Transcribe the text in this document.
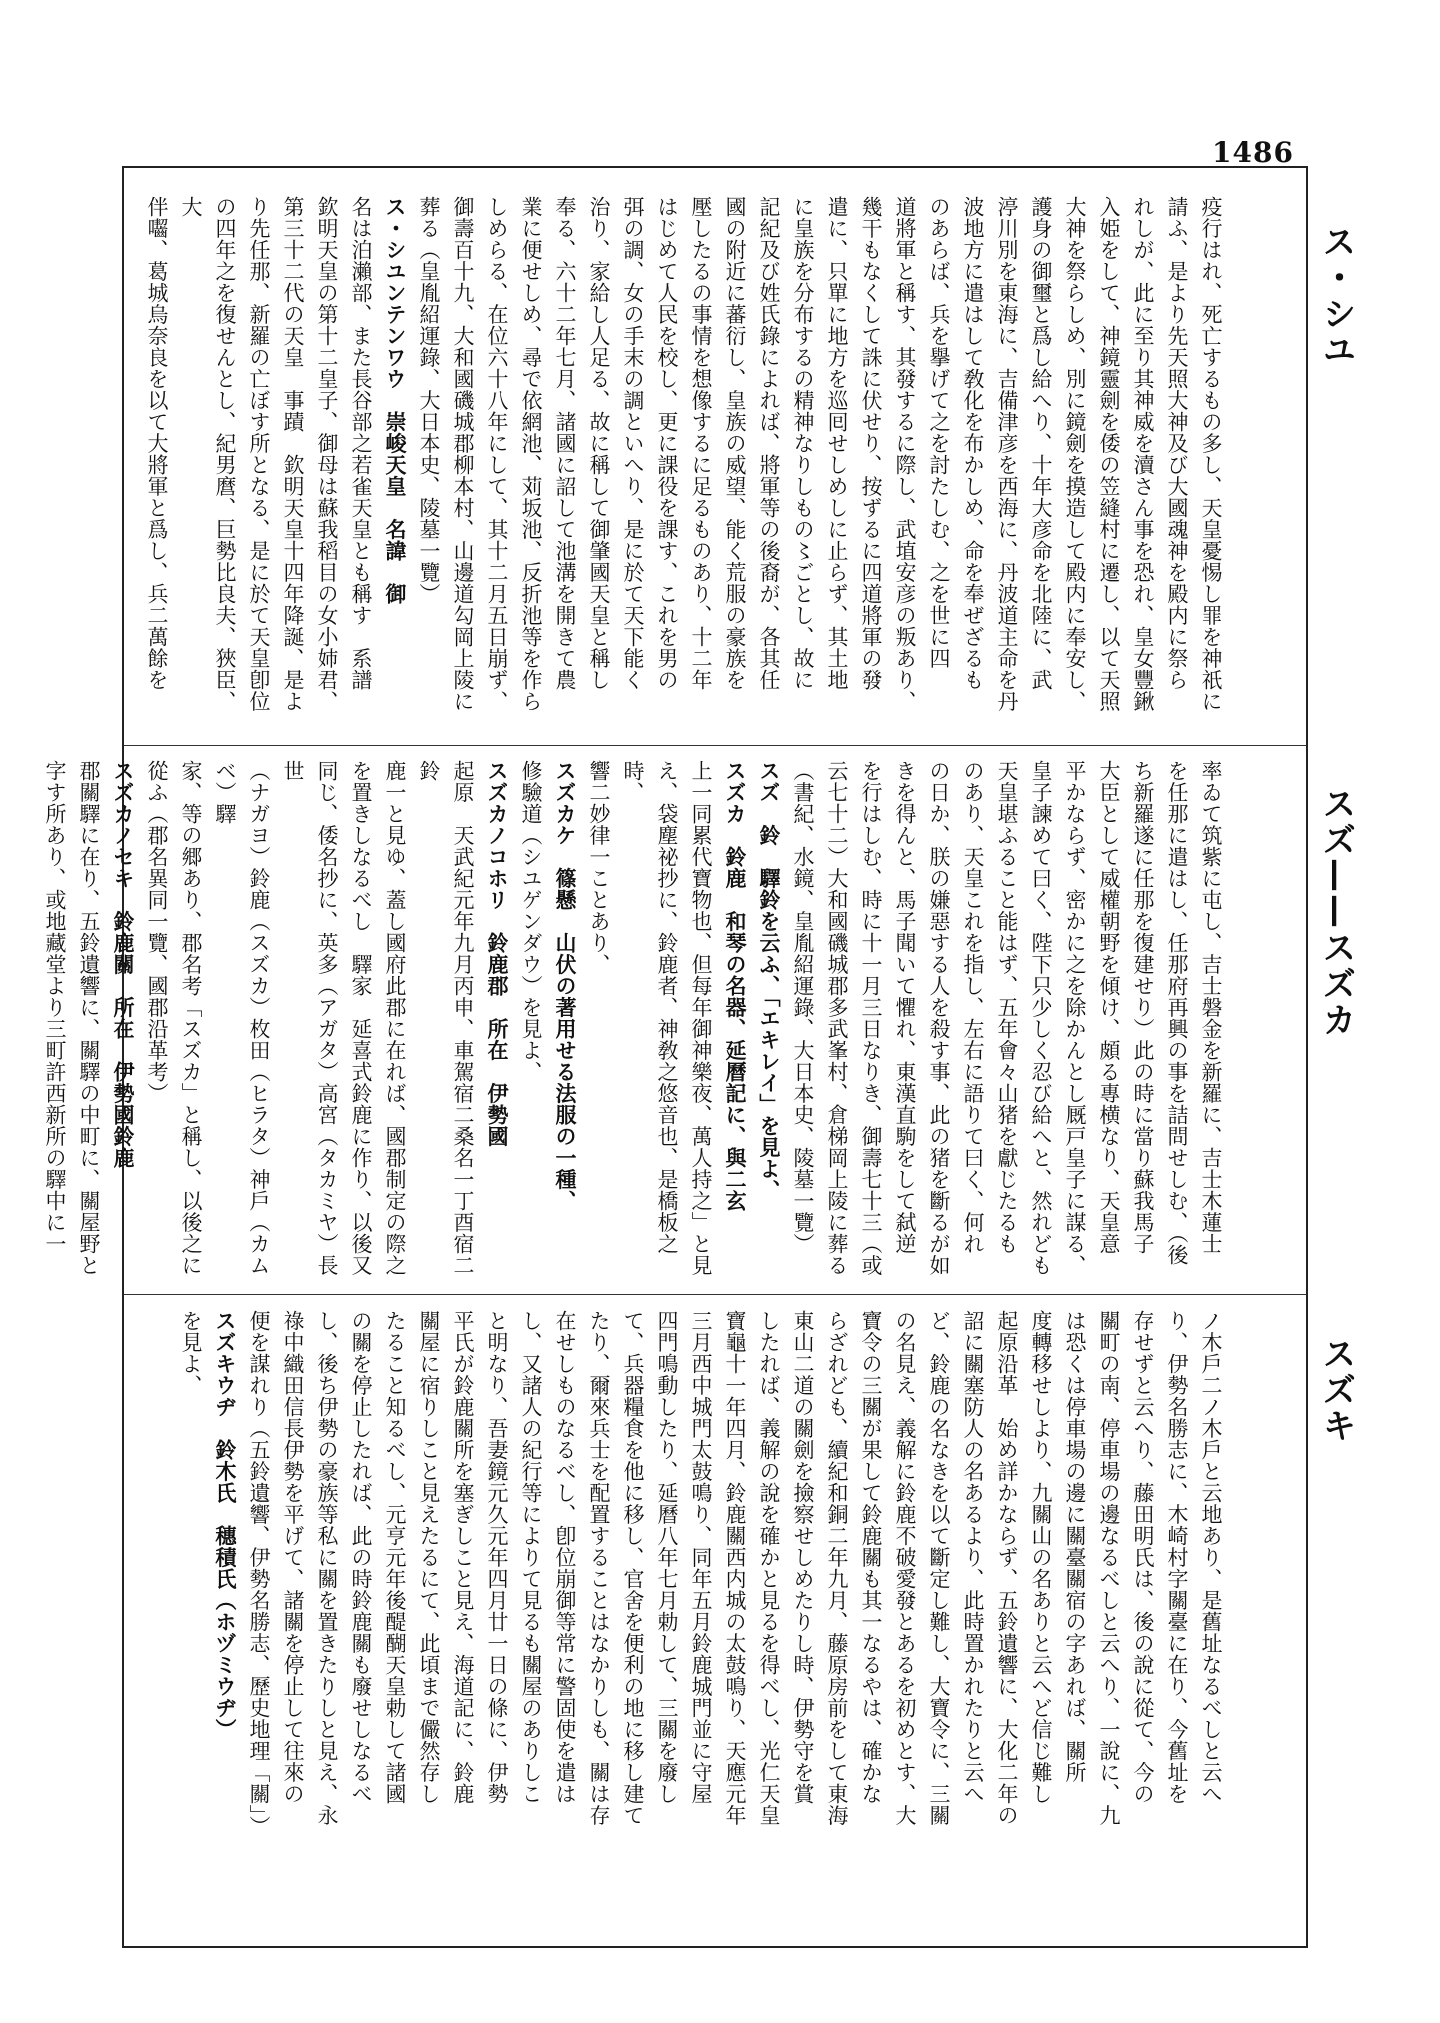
1486
疫行はれ、死亡するもの多し、天皇憂惕し罪を神祇に
請ふ、是より先天照大神及び大國魂神を殿内に祭ら
れしが、此に至り其神威を瀆さん事を恐れ、皇女豐鍬
入姫をして、神鏡靈劍を倭の笠縫村に遷し、以て天照
大神を祭らしめ、別に鏡劍を摸造して殿内に奉安し、
護身の御璽と爲し給へり、十年大彦命を北陸に、武
渟川別を東海に、吉備津彦を西海に、丹波道主命を丹
波地方に遣はして敎化を布かしめ、命を奉ぜざるも
のあらば、兵を擧げて之を討たしむ、之を世に四
道將軍と稱す、其發するに際し、武埴安彦の叛あり、
幾干もなくして誅に伏せり、按ずるに四道將軍の發
遣に、只單に地方を巡囘せしめしに止らず、其土地
に皇族を分布するの精神なりしもの〻ごとし、故に
記紀及び姓氏錄によれば、將軍等の後裔が、各其任
國の附近に蕃衍し、皇族の威望、能く荒服の豪族を
壓したるの事情を想像するに足るものあり、十二年
はじめて人民を校し、更に課役を課す、これを男の
弭の調、女の手末の調といへり、是に於て天下能く
治り、家給し人足る、故に稱して御肇國天皇と稱し
奉る、六十二年七月、諸國に詔して池溝を開きて農
業に便せしめ、尋で依網池、苅坂池、反折池等を作ら
しめらる、在位六十八年にして、其十二月五日崩ず、
御壽百十九、大和國磯城郡柳本村、山邊道勾岡上陵に
葬る（皇胤紹運錄、大日本史、陵墓一覽）
ス・シユンテンワウ　崇峻天皇　名諱　御
名は泊瀨部、また長谷部之若雀天皇とも稱す　系譜
欽明天皇の第十二皇子、御母は蘇我稻目の女小姉君、
第三十二代の天皇　事蹟　欽明天皇十四年降誕、是よ
り先任那、新羅の亡ぼす所となる、是に於て天皇卽位
の四年之を復せんとし、紀男麿、巨勢比良夫、狹臣、大
伴囓、葛城烏奈良を以て大將軍と爲し、兵二萬餘を
率ゐて筑紫に屯し、吉士磐金を新羅に、吉士木蓮士
を任那に遣はし、任那府再興の事を詰問せしむ、（後
ち新羅遂に任那を復建せり）此の時に當り蘇我馬子
大臣として威權朝野を傾け、頗る專横なり、天皇意
平かならず、密かに之を除かんとし厩戸皇子に謀る、
皇子諫めて曰く、陛下只少しく忍び給へと、然れども
天皇堪ふること能はず、五年會々山猪を獻じたるも
のあり、天皇これを指し、左右に語りて曰く、何れ
の日か、朕の嫌惡する人を殺す事、此の猪を斷るが如
きを得んと、馬子聞いて懼れ、東漢直駒をして弑逆
を行はしむ、時に十一月三日なりき、御壽七十三（或
云七十二）大和國磯城郡多武峯村、倉梯岡上陵に葬る
（書紀、水鏡、皇胤紹運錄、大日本史、陵墓一覽）
スズ　鈴　驛鈴を云ふ、「エキレイ」を見よ、
スズカ　鈴鹿　和琴の名器、延曆記に、與二玄
上一同累代寶物也、但每年御神樂夜、萬人持之」と見
え、袋塵祕抄に、鈴鹿者、神敎之悠音也、是橋板之時、
響二妙律一ことあり、
スズカケ　篠懸　山伏の著用せる法服の一種、
修驗道（シユゲンダウ）を見よ、
スズカノコホリ　鈴鹿郡　所在　伊勢國
起原　天武紀元年九月丙申、車駕宿二桑名一丁酉宿二鈴
鹿一と見ゆ、蓋し國府此郡に在れば、國郡制定の際之
を置きしなるべし　驛家　延喜式鈴鹿に作り、以後又
同じ、倭名抄に、英多（アガタ）高宮（タカミヤ）長世
（ナガヨ）鈴鹿（スズカ）枚田（ヒラタ）神戶（カムベ）驛
家、等の郷あり、郡名考「スズカ」と稱し、以後之に
從ふ（郡名異同一覽、國郡沿革考）
スズカノセキ　鈴鹿關　所在　伊勢國鈴鹿
郡關驛に在り、五鈴遺響に、關驛の中町に、關屋野と
字す所あり、或地藏堂より三町許西新所の驛中に一
ノ木戶二ノ木戶と云地あり、是舊址なるべしと云へ
り、伊勢名勝志に、木崎村字關臺に在り、今舊址を
存せずと云へり、藤田明氏は、後の說に從て、今の
關町の南、停車場の邊なるべしと云へり、一說に、九
は恐くは停車場の邊に關臺關宿の字あれば、關所
度轉移せしより、九關山の名ありと云へど信じ難し
起原沿革　始め詳かならず、五鈴遺響に、大化二年の
詔に關塞防人の名あるより、此時置かれたりと云へ
ど、鈴鹿の名なきを以て斷定し難し、大寶令に、三關
の名見え、義解に鈴鹿不破愛發とあるを初めとす、大
寶令の三關が果して鈴鹿關も其一なるやは、確かな
らざれども、續紀和銅二年九月、藤原房前をして東海
東山二道の關劍を撿察せしめたりし時、伊勢守を賞
したれば、義解の說を確かと見るを得べし、光仁天皇
寶龜十一年四月、鈴鹿關西内城の太鼓鳴り、天應元年
三月西中城門太鼓鳴り、同年五月鈴鹿城門並に守屋
四門鳴動したり、延曆八年七月勅して、三關を廢し
て、兵器糧食を他に移し、官舍を便利の地に移し建て
たり、爾來兵士を配置することはなかりしも、關は存
在せしものなるべし、卽位崩御等常に警固使を遣は
し、又諸人の紀行等によりて見るも關屋のありしこ
と明なり、吾妻鏡元久元年四月廿一日の條に、伊勢
平氏が鈴鹿關所を塞ぎしこと見え、海道記に、鈴鹿
關屋に宿りしこと見えたるにて、此頃まで儼然存し
たること知るべし、元亨元年後醍醐天皇勅して諸國
の關を停止したれば、此の時鈴鹿關も廢せしなるべ
し、後ち伊勢の豪族等私に關を置きたりしと見え、永
祿中織田信長伊勢を平げて、諸關を停止して往來の
便を謀れり（五鈴遺響、伊勢名勝志、歷史地理「關」）
スズキウヂ　鈴木氏　穗積氏（ホヅミウヂ）
を見よ、
ス・シユ
スズ——スズカ
スズキ
